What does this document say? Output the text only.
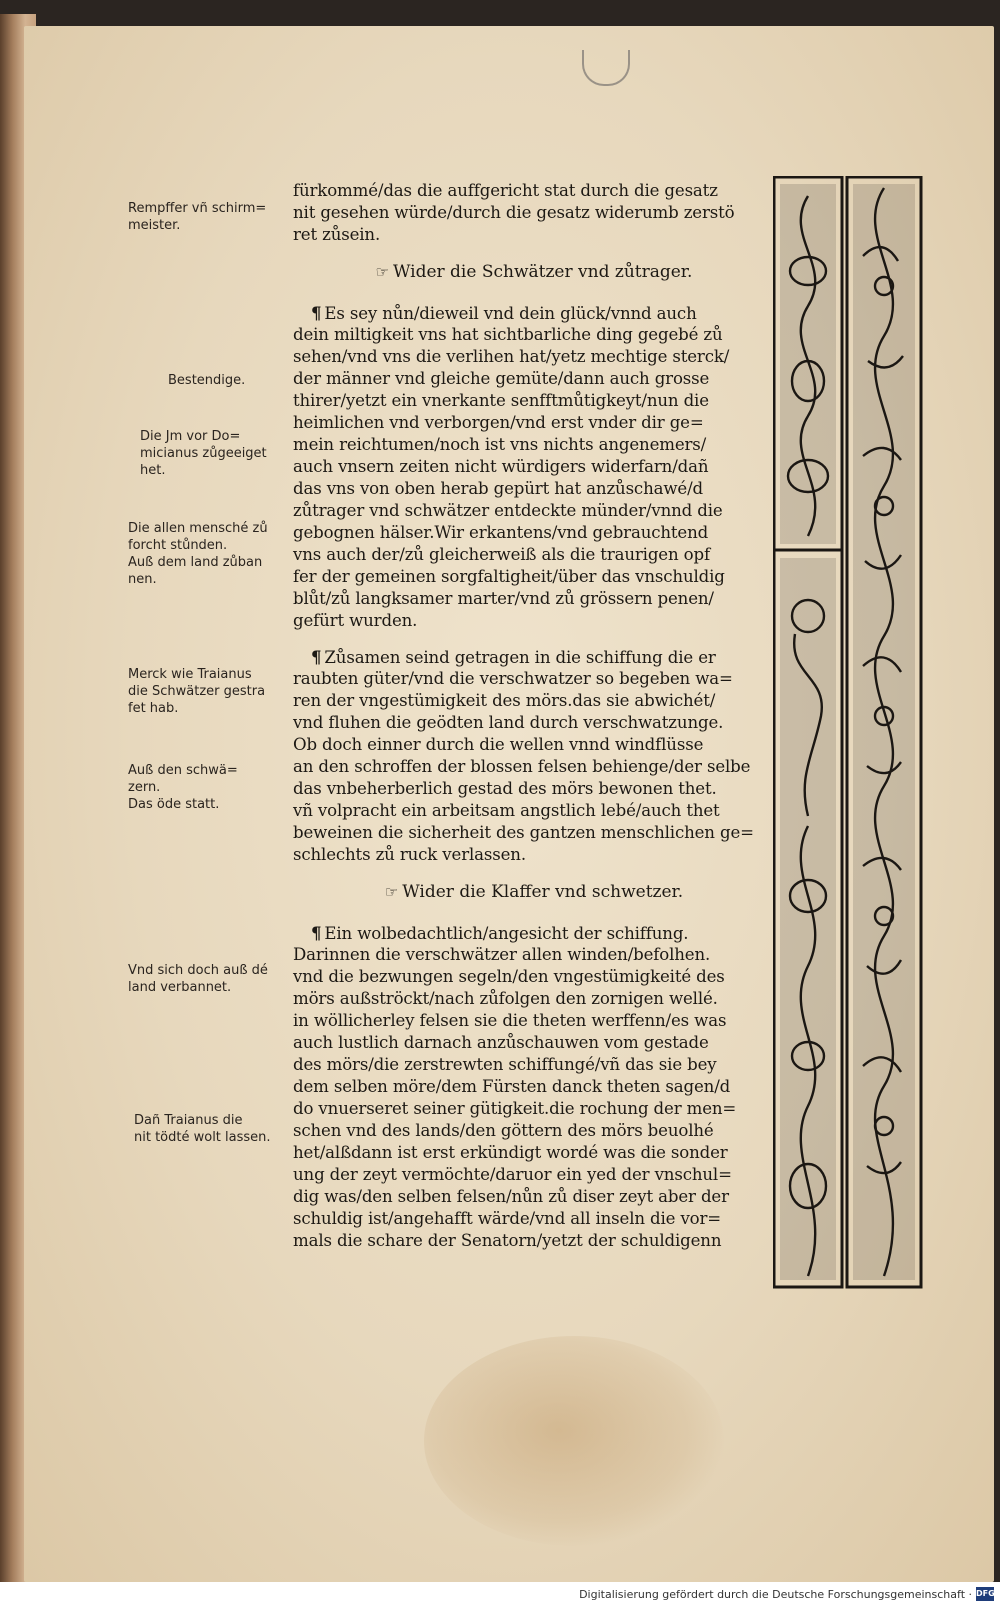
Rempffer vñ schirm=
meister.
Bestendige.
Die Jm vor Do=
micianus zůgeeiget
het.
Die allen mensché zů
forcht stůnden.
Auß dem land zůban
nen.
Merck wie Traianus
die Schwätzer gestra
fet hab.
Auß den schwä=
zern.
Das öde statt.
Vnd sich doch auß dé
land verbannet.
Dañ Traianus die
nit tödté wolt lassen.
fürkommé/das die auffgericht stat durch die gesatz
nit gesehen würde/durch die gesatz widerumb zerstö
ret zůsein.
☞ Wider die Schwätzer vnd zůtrager.
¶ Es sey nůn/dieweil vnd dein glück/vnnd auch
dein miltigkeit vns hat sichtbarliche ding gegebé zů
sehen/vnd vns die verlihen hat/yetz mechtige sterck/
der männer vnd gleiche gemüte/dann auch grosse
thirer/yetzt ein vnerkante senfftmůtigkeyt/nun die
heimlichen vnd verborgen/vnd erst vnder dir ge=
mein reichtumen/noch ist vns nichts angenemers/
auch vnsern zeiten nicht würdigers widerfarn/dañ
das vns von oben herab gepürt hat anzůschawé/d
zůtrager vnd schwätzer entdeckte münder/vnnd die
gebognen hälser.Wir erkantens/vnd gebrauchtend
vns auch der/zů gleicherweiß als die traurigen opf
fer der gemeinen sorgfaltigheit/über das vnschuldig
blůt/zů langksamer marter/vnd zů grössern penen/
gefürt wurden.
¶ Zůsamen seind getragen in die schiffung die er
raubten güter/vnd die verschwatzer so begeben wa=
ren der vngestümigkeit des mörs.das sie abwichét/
vnd fluhen die geödten land durch verschwatzunge.
Ob doch einner durch die wellen vnnd windflüsse
an den schroffen der blossen felsen behienge/der selbe
das vnbeherberlich gestad des mörs bewonen thet.
vñ volpracht ein arbeitsam angstlich lebé/auch thet
beweinen die sicherheit des gantzen menschlichen ge=
schlechts zů ruck verlassen.
☞ Wider die Klaffer vnd schwetzer.
¶ Ein wolbedachtlich/angesicht der schiffung.
Darinnen die verschwätzer allen winden/befolhen.
vnd die bezwungen segeln/den vngestümigkeité des
mörs außströckt/nach zůfolgen den zornigen wellé.
in wöllicherley felsen sie die theten werffenn/es was
auch lustlich darnach anzůschauwen vom gestade
des mörs/die zerstrewten schiffungé/vñ das sie bey
dem selben möre/dem Fürsten danck theten sagen/d
do vnuerseret seiner gütigkeit.die rochung der men=
schen vnd des lands/den göttern des mörs beuolhé
het/alßdann ist erst erkündigt wordé was die sonder
ung der zeyt vermöchte/daruor ein yed der vnschul=
dig was/den selben felsen/nůn zů diser zeyt aber der
schuldig ist/angehafft wärde/vnd all inseln die vor=
mals die schare der Senatorn/yetzt der schuldigenn
Digitalisierung gefördert durch die Deutsche Forschungsgemeinschaft · DFG
